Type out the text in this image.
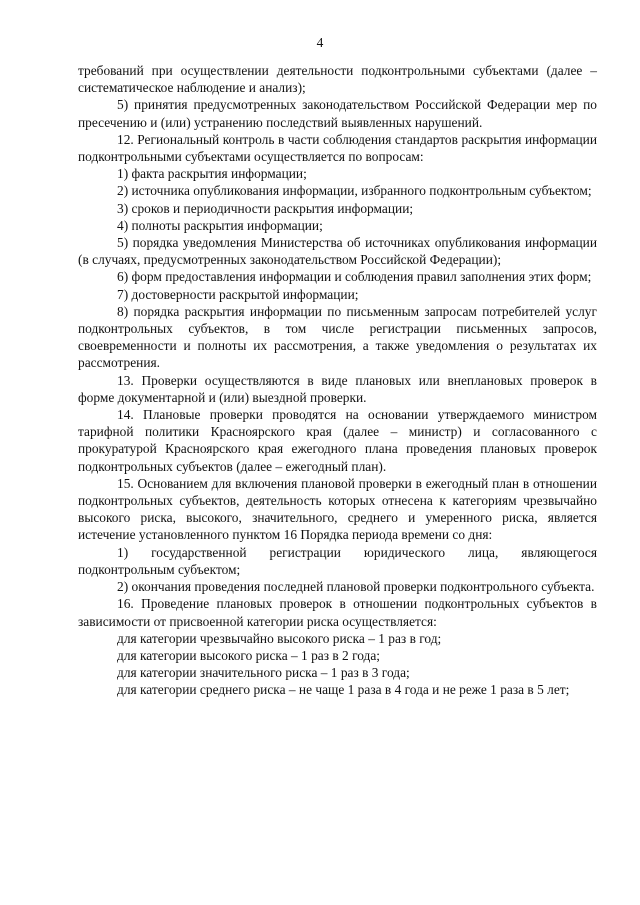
4

требований при осуществлении деятельности подконтрольными субъектами (далее – систематическое наблюдение и анализ);

5) принятия предусмотренных законодательством Российской Федерации мер по пресечению и (или) устранению последствий выявленных нарушений.

12. Региональный контроль в части соблюдения стандартов раскрытия информации подконтрольными субъектами осуществляется по вопросам:

1) факта раскрытия информации;

2) источника опубликования информации, избранного подконтрольным субъектом;

3) сроков и периодичности раскрытия информации;

4) полноты раскрытия информации;

5) порядка уведомления Министерства об источниках опубликования информации (в случаях, предусмотренных законодательством Российской Федерации);

6) форм предоставления информации и соблюдения правил заполнения этих форм;

7) достоверности раскрытой информации;

8) порядка раскрытия информации по письменным запросам потребителей услуг подконтрольных субъектов, в том числе регистрации письменных запросов, своевременности и полноты их рассмотрения, а также уведомления о результатах их рассмотрения.

13. Проверки осуществляются в виде плановых или внеплановых проверок в форме документарной и (или) выездной проверки.

14. Плановые проверки проводятся на основании утверждаемого министром тарифной политики Красноярского края (далее – министр) и согласованного с прокуратурой Красноярского края ежегодного плана проведения плановых проверок подконтрольных субъектов (далее – ежегодный план).

15. Основанием для включения плановой проверки в ежегодный план в отношении подконтрольных субъектов, деятельность которых отнесена к категориям чрезвычайно высокого риска, высокого, значительного, среднего и умеренного риска, является истечение установленного пунктом 16 Порядка периода времени со дня:

1) государственной регистрации юридического лица, являющегося подконтрольным субъектом;

2) окончания проведения последней плановой проверки подконтрольного субъекта.

16. Проведение плановых проверок в отношении подконтрольных субъектов в зависимости от присвоенной категории риска осуществляется:

для категории чрезвычайно высокого риска – 1 раз в год;

для категории высокого риска – 1 раз в 2 года;

для категории значительного риска – 1 раз в 3 года;

для категории среднего риска – не чаще 1 раза в 4 года и не реже 1 раза в 5 лет;
